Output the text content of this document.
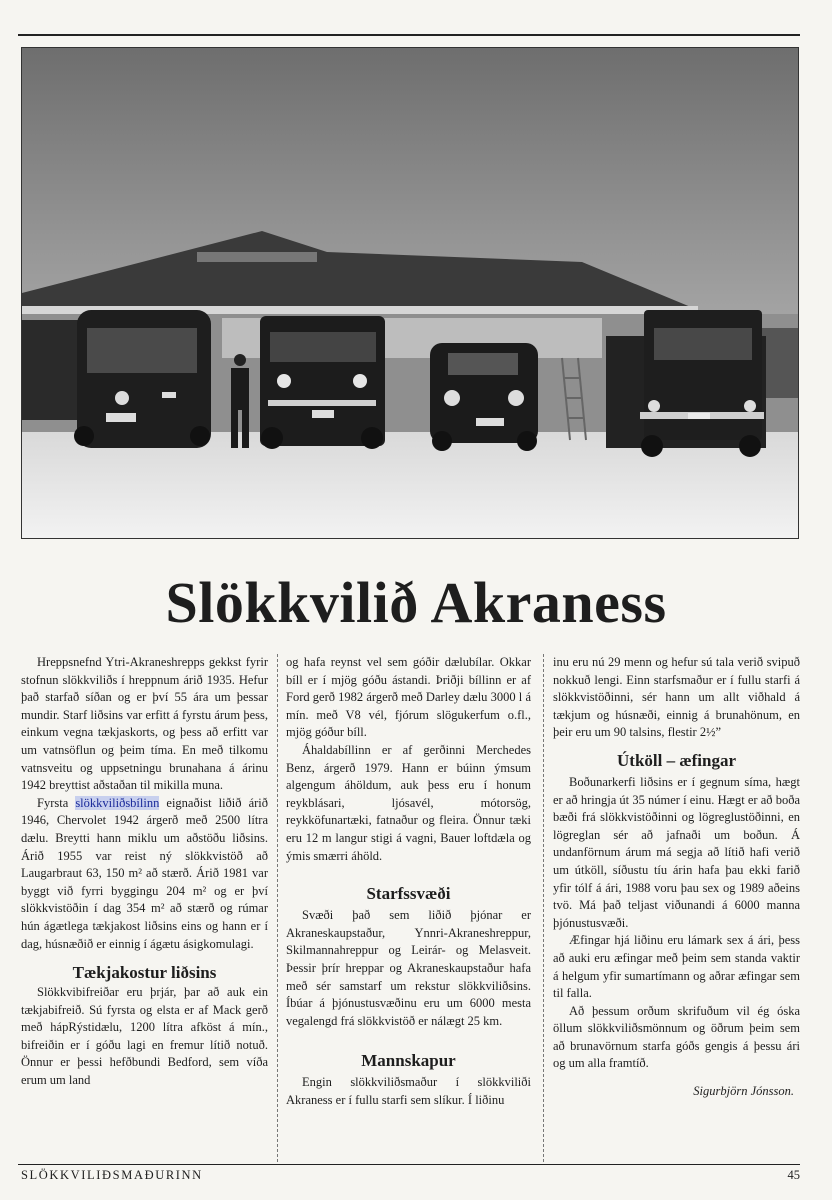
Slökkvilið Akraness

Hreppsnefnd Ytri-Akraneshrepps gekkst fyrir stofnun slökkviliðs í hreppnum árið 1935. Hefur það starfað síðan og er því 55 ára um þessar mundir. Starf liðsins var erfitt á fyrstu árum þess, einkum vegna tækjaskorts, og þess að erfitt var um vatnsöflun og þeim tíma. En með tilkomu vatnsveitu og uppsetningu brunahana á árinu 1942 breyttist aðstaðan til mikilla muna.

Fyrsta slökkviliðsbílinn eignaðist liðið árið 1946, Chervolet 1942 árgerð með 2500 lítra dælu. Breytti hann miklu um aðstöðu liðsins. Árið 1955 var reist ný slökkvistöð að Laugarbraut 63, 150 m² að stærð. Árið 1981 var byggt við fyrri byggingu 204 m² og er því slökkvistöðin í dag 354 m² að stærð og rúmar hún ágætlega tækjakost liðsins eins og hann er í dag, húsnæðið er einnig í ágætu ásigkomulagi.

Tækjakostur liðsins

Slökkvibifreiðar eru þrjár, þar að auk ein tækjabifreið. Sú fyrsta og elsta er af Mack gerð með hápRýstidælu, 1200 lítra afköst á mín., bifreiðin er í góðu lagi en fremur lítið notuð. Önnur er þessi hefðbundi Bedford, sem víða erum um land

og hafa reynst vel sem góðir dælubílar. Okkar bíll er í mjög góðu ástandi. Þriðji bíllinn er af Ford gerð 1982 árgerð með Darley dælu 3000 l á mín. með V8 vél, fjórum slögukerfum o.fl., mjög góður bíll.

Áhaldabíllinn er af gerðinni Merchedes Benz, árgerð 1979. Hann er búinn ýmsum algengum áhöldum, auk þess eru í honum reykblásari, ljósavél, mótorsög, reykköfunartæki, fatnaður og fleira. Önnur tæki eru 12 m langur stigi á vagni, Bauer loftdæla og ýmis smærri áhöld.

Starfssvæði

Svæði það sem liðið þjónar er Akraneskaupstaður, Ynnri-Akraneshreppur, Skilmannahreppur og Leirár- og Melasveit. Þessir þrír hreppar og Akraneskaupstaður hafa með sér samstarf um rekstur slökkviliðsins. Íbúar á þjónustusvæðinu eru um 6000 mesta vegalengd frá slökkvistöð er nálægt 25 km.

Mannskapur

Engin slökkviliðsmaður í slökkviliði Akraness er í fullu starfi sem slíkur. Í liðinu

inu eru nú 29 menn og hefur sú tala verið svipuð nokkuð lengi. Einn starfsmaður er í fullu starfi á slökkvistöðinni, sér hann um allt viðhald á tækjum og húsnæði, einnig á brunahönum, en þeir eru um 90 talsins, flestir 2½”

Útköll – æfingar

Boðunarkerfi liðsins er í gegnum síma, hægt er að hringja út 35 númer í einu. Hægt er að boða bæði frá slökkvistöðinni og lögreglustöðinni, en lögreglan sér að jafnaði um boðun. Á undanförnum árum má segja að lítið hafi verið um útköll, síðustu tíu árin hafa þau ekki farið yfir tólf á ári, 1988 voru þau sex og 1989 aðeins tvö. Má það teljast viðunandi á 6000 manna þjónustusvæði.

Æfingar hjá liðinu eru lámark sex á ári, þess að auki eru æfingar með þeim sem standa vaktir á helgum yfir sumartímann og aðrar æfingar sem til falla.

Að þessum orðum skrifuðum vil ég óska öllum slökkviliðsmönnum og öðrum þeim sem að brunavörnum starfa góðs gengis á þessu ári og um alla framtíð.

Sigurbjörn Jónsson.

SLÖKKVILIÐSMAÐURINN	45
